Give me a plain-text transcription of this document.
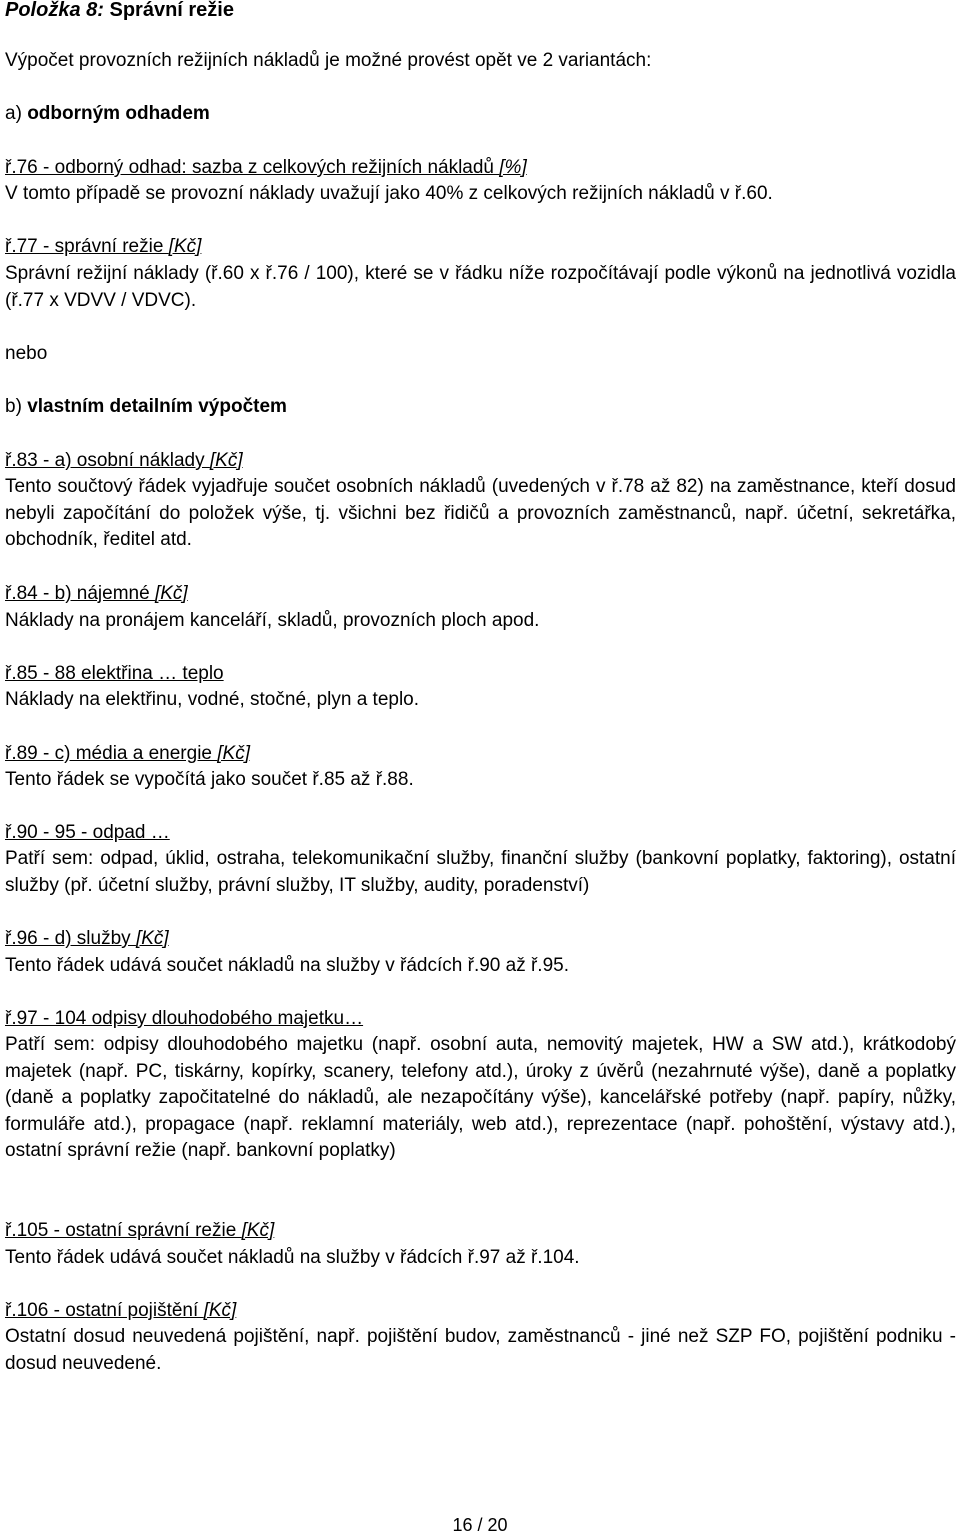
Položka 8: Správní režie
Výpočet provozních režijních nákladů je možné provést opět ve 2 variantách:
a) odborným odhadem
ř.76 - odborný odhad: sazba z celkových režijních nákladů [%]
V tomto případě se provozní náklady uvažují jako 40% z celkových režijních nákladů v ř.60.
ř.77 - správní režie [Kč]
Správní režijní náklady (ř.60 x ř.76 / 100), které se v řádku níže rozpočítávají podle výkonů na jednotlivá vozidla (ř.77 x VDVV / VDVC).
nebo
b) vlastním detailním výpočtem
ř.83 - a) osobní náklady [Kč]
Tento součtový řádek vyjadřuje součet osobních nákladů (uvedených v ř.78 až 82) na zaměstnance, kteří dosud nebyli započítání do položek výše, tj. všichni bez řidičů a provozních zaměstnanců, např. účetní, sekretářka, obchodník, ředitel atd.
ř.84 - b) nájemné [Kč]
Náklady na pronájem kanceláří, skladů, provozních ploch apod.
ř.85 - 88 elektřina … teplo
Náklady na elektřinu, vodné, stočné, plyn a teplo.
ř.89 - c) média a energie [Kč]
Tento řádek se vypočítá jako součet ř.85 až ř.88.
ř.90 - 95 - odpad …
Patří sem: odpad, úklid, ostraha, telekomunikační služby, finanční služby (bankovní poplatky, faktoring), ostatní služby (př. účetní služby, právní služby, IT služby, audity, poradenství)
ř.96 - d) služby [Kč]
Tento řádek udává součet nákladů na služby v řádcích ř.90 až ř.95.
ř.97 - 104 odpisy dlouhodobého majetku…
Patří sem: odpisy dlouhodobého majetku (např. osobní auta, nemovitý majetek, HW a SW atd.), krátkodobý majetek (např. PC, tiskárny, kopírky, scanery, telefony atd.), úroky z úvěrů (nezahrnuté výše), daně a poplatky (daně a poplatky započitatelné do nákladů, ale nezapočítány výše), kancelářské potřeby (např. papíry, nůžky, formuláře atd.), propagace (např. reklamní materiály, web atd.), reprezentace (např. pohoštění, výstavy atd.), ostatní správní režie (např. bankovní poplatky)
ř.105 - ostatní správní režie [Kč]
Tento řádek udává součet nákladů na služby v řádcích ř.97 až ř.104.
ř.106 - ostatní pojištění [Kč]
Ostatní dosud neuvedená pojištění, např. pojištění budov, zaměstnanců - jiné než SZP FO, pojištění podniku - dosud neuvedené.
16 / 20
